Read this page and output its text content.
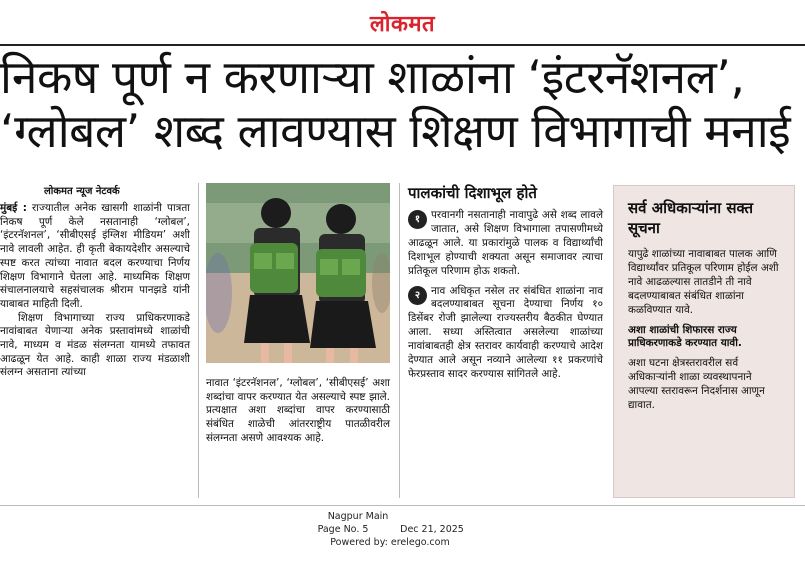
लोकमत
निकष पूर्ण न करणाऱ्या शाळांना ‘इंटरनॅशनल’,
‘ग्लोबल’ शब्द लावण्यास शिक्षण विभागाची मनाई
लोकमत न्यूज नेटवर्क

मुंबई : राज्यातील अनेक खासगी शाळांनी पात्रता निकष पूर्ण केले नसतानाही ‘ग्लोबल’, ‘इंटरनॅशनल’, ‘सीबीएसई इंग्लिश मीडियम’ अशी नावे लावली आहेत. ही कृती बेकायदेशीर असल्याचे स्पष्ट करत त्यांच्या नावात बदल करण्याचा निर्णय शिक्षण विभागाने घेतला आहे. माध्यमिक शिक्षण संचालनालयाचे सहसंचालक श्रीराम पानझडे यांनी याबाबत माहिती दिली.

शिक्षण विभागाच्या राज्य प्राधिकरणाकडे नावांबाबत येणाऱ्या अनेक प्रस्तावांमध्ये शाळांची नावे, माध्यम व मंडळ संलग्नता यामध्ये तफावत आढळून येत आहे. काही शाळा राज्य मंडळाशी संलग्न असताना त्यांच्या

नावात ‘इंटरनॅशनल’, ‘ग्लोबल’, ‘सीबीएसई’ अशा शब्दांचा वापर करण्यात येत असल्याचे स्पष्ट झाले. प्रत्यक्षात अशा शब्दांचा वापर करण्यासाठी संबंधित शाळेची आंतरराष्ट्रीय पातळीवरील संलग्नता असणे आवश्यक आहे.
पालकांची दिशाभूल होते
१	परवानगी नसतानाही नावापुढे असे शब्द लावले जातात, असे शिक्षण विभागाला तपासणीमध्ये आढळून आले. या प्रकारांमुळे पालक व विद्यार्थ्यांची दिशाभूल होण्याची शक्यता असून समाजावर त्याचा प्रतिकूल परिणाम होऊ शकतो.
२	नाव अधिकृत नसेल तर संबंधित शाळांना नाव बदलण्याबाबत सूचना देण्याचा निर्णय १० डिसेंबर रोजी झालेल्या राज्यस्तरीय बैठकीत घेण्यात आला. सध्या अस्तित्वात असलेल्या शाळांच्या नावांबाबतही क्षेत्र स्तरावर कार्यवाही करण्याचे आदेश देण्यात आले असून नव्याने आलेल्या ११ प्रकरणांचे फेरप्रस्ताव सादर करण्यास सांगितले आहे.
सर्व अधिकाऱ्यांना सक्त सूचना

यापुढे शाळांच्या नावाबाबत पालक आणि विद्यार्थ्यांवर प्रतिकूल परिणाम होईल अशी नावे आढळल्यास तातडीने ती नावे बदलण्याबाबत संबंधित शाळांना कळविण्यात यावे.

अशा शाळांची शिफारस राज्य प्राधिकरणाकडे करण्यात यावी.

अशा घटना क्षेत्रस्तरावरील सर्व अधिकाऱ्यांनी शाळा व्यवस्थापनाने आपल्या स्तरावरून निदर्शनास आणून द्यावात.

Nagpur Main
Page No. 5	Dec 21, 2025
Powered by: erelego.com
